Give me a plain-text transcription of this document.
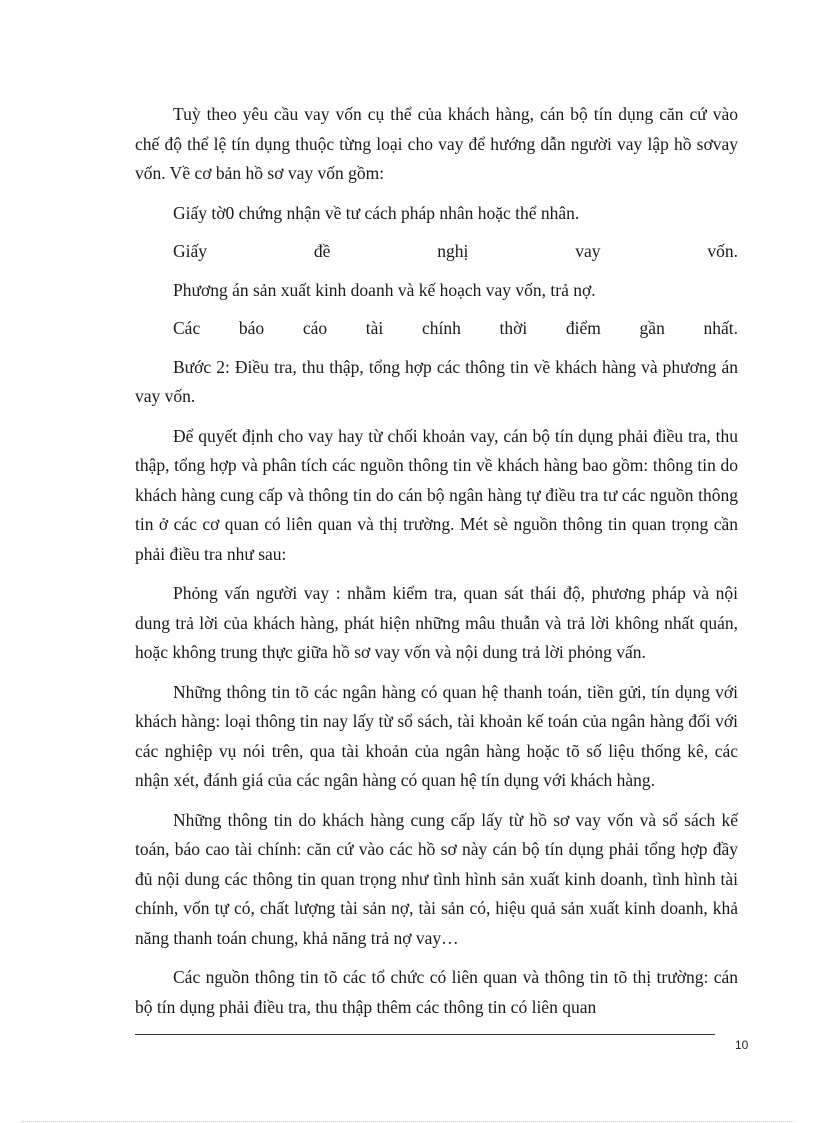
Tuỳ theo yêu cầu vay vốn cụ thể của khách hàng, cán bộ tín dụng căn cứ vào chế độ thể lệ tín dụng thuộc từng loại cho vay để hướng dẫn người vay lập hồ sơvay vốn. Về cơ bản hồ sơ vay vốn gồm:

Giấy tờ0 chứng nhận về tư cách pháp nhân hoặc thể nhân.

Giấy đề nghị vay vốn.

Phương án sản xuất kinh doanh và kế hoạch vay vốn, trả nợ.

Các báo cáo tài chính thời điểm gần nhất.

Bước 2: Điều tra, thu thập, tổng hợp các thông tin về khách hàng và phương án vay vốn.

Để quyết định cho vay hay từ chối khoản vay, cán bộ tín dụng phải điều tra, thu thập, tổng hợp và phân tích các nguồn thông tin về khách hàng bao gồm: thông tin do khách hàng cung cấp và thông tin do cán bộ ngân hàng tự điều tra tư các nguồn thông tin ở các cơ quan có liên quan và thị trường. Mét sè nguồn thông tin quan trọng cần phải điều tra như sau:

Phỏng vấn người vay : nhằm kiểm tra, quan sát thái độ, phương pháp và nội dung trả lời của khách hàng, phát hiện những mâu thuẫn và trả lời không nhất quán, hoặc không trung thực giữa hồ sơ vay vốn và nội dung trả lời phỏng vấn.

Những thông tin tõ các ngân hàng có quan hệ thanh toán, tiền gửi, tín dụng với khách hàng: loại thông tin nay lấy từ sổ sách, tài khoản kế toán của ngân hàng đối với các nghiệp vụ nói trên, qua tài khoản của ngân hàng hoặc tõ số liệu thống kê, các nhận xét, đánh giá của các ngân hàng có quan hệ tín dụng với khách hàng.

Những thông tin do khách hàng cung cấp lấy từ hồ sơ vay vốn và sổ sách kế toán, báo cao tài chính: căn cứ vào các hồ sơ này cán bộ tín dụng phải tổng hợp đầy đủ nội dung các thông tin quan trọng như tình hình sản xuất kinh doanh, tình hình tài chính, vốn tự có, chất lượng tài sản nợ, tài sản có, hiệu quả sản xuất kinh doanh, khả năng thanh toán chung, khả năng trả nợ vay…

Các nguồn thông tin tõ các tổ chức có liên quan và thông tin tõ thị trường: cán bộ tín dụng phải điều tra, thu thập thêm các thông tin có liên quan

10
